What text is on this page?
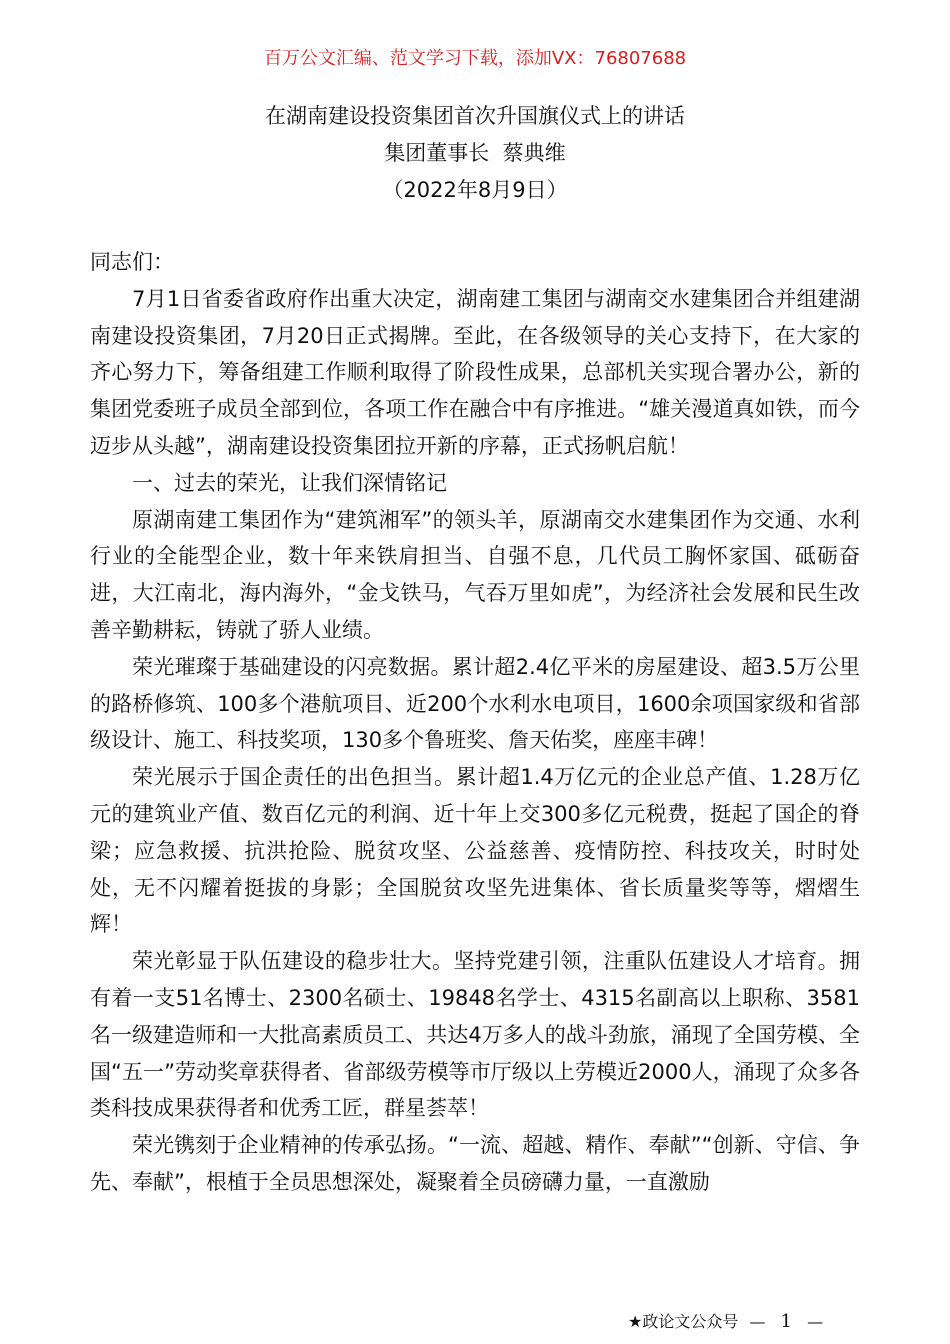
百万公文汇编、范文学习下载，添加VX：76807688
在湖南建设投资集团首次升国旗仪式上的讲话
集团董事长  蔡典维
（2022年8月9日）

同志们：

7月1日省委省政府作出重大决定，湖南建工集团与湖南交水建集团合并组建湖南建设投资集团，7月20日正式揭牌。至此，在各级领导的关心支持下，在大家的齐心努力下，筹备组建工作顺利取得了阶段性成果，总部机关实现合署办公，新的集团党委班子成员全部到位，各项工作在融合中有序推进。“雄关漫道真如铁，而今迈步从头越”，湖南建设投资集团拉开新的序幕，正式扬帆启航！

一、过去的荣光，让我们深情铭记

原湖南建工集团作为“建筑湘军”的领头羊，原湖南交水建集团作为交通、水利行业的全能型企业，数十年来铁肩担当、自强不息，几代员工胸怀家国、砥砺奋进，大江南北，海内海外，“金戈铁马，气吞万里如虎”，为经济社会发展和民生改善辛勤耕耘，铸就了骄人业绩。

荣光璀璨于基础建设的闪亮数据。累计超2.4亿平米的房屋建设、超3.5万公里的路桥修筑、100多个港航项目、近200个水利水电项目，1600余项国家级和省部级设计、施工、科技奖项，130多个鲁班奖、詹天佑奖，座座丰碑！

荣光展示于国企责任的出色担当。累计超1.4万亿元的企业总产值、1.28万亿元的建筑业产值、数百亿元的利润、近十年上交300多亿元税费，挺起了国企的脊梁；应急救援、抗洪抢险、脱贫攻坚、公益慈善、疫情防控、科技攻关，时时处处，无不闪耀着挺拔的身影；全国脱贫攻坚先进集体、省长质量奖等等，熠熠生辉！

荣光彰显于队伍建设的稳步壮大。坚持党建引领，注重队伍建设人才培育。拥有着一支51名博士、2300名硕士、19848名学士、4315名副高以上职称、3581名一级建造师和一大批高素质员工、共达4万多人的战斗劲旅，涌现了全国劳模、全国“五一”劳动奖章获得者、省部级劳模等市厅级以上劳模近2000人，涌现了众多各类科技成果获得者和优秀工匠，群星荟萃！

荣光镌刻于企业精神的传承弘扬。“一流、超越、精作、奉献”“创新、守信、争先、奉献”，根植于全员思想深处，凝聚着全员磅礴力量，一直激励

★政论文公众号 — 1 —
